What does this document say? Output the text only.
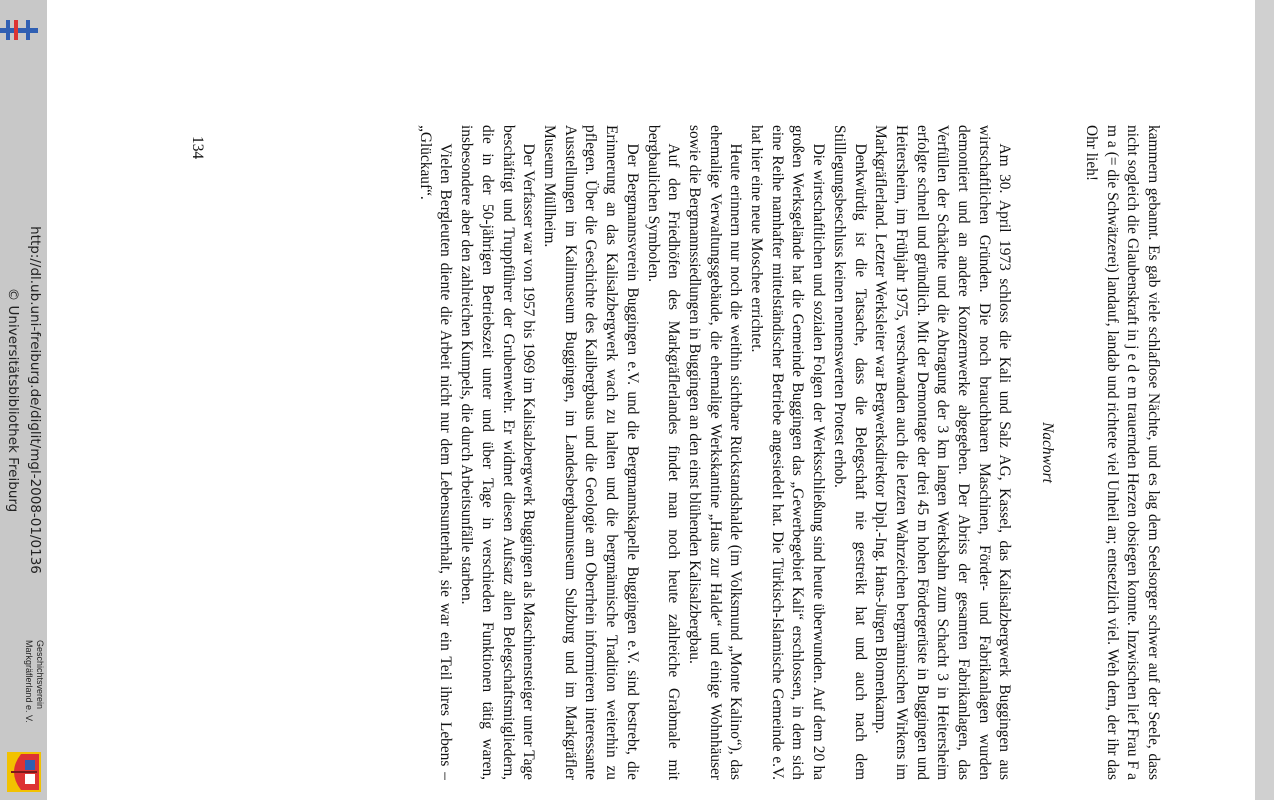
kammern gebannt. Es gab viele schlaflose Nächte, und es lag dem Seelsorger schwer auf der Seele, dass nicht sogleich die Glaubenskraft in j e d e m trauernden Herzen obsiegen konnte. Inzwischen lief Frau F a m a (= die Schwätzerei) landauf, landab und richtete viel Unheil an; entsetzlich viel. Weh dem, der ihr das Ohr lieh!

Nachwort

Am 30. April 1973 schloss die Kali und Salz AG, Kassel, das Kalisalzbergwerk Buggingen aus wirtschaftlichen Gründen. Die noch brauchbaren Maschinen, Förder- und Fabrikanlagen wurden demontiert und an andere Konzernwerke abgegeben. Der Abriss der gesamten Fabrikanlagen, das Verfüllen der Schächte und die Abtragung der 3 km langen Werksbahn zum Schacht 3 in Heitersheim erfolgte schnell und gründlich. Mit der Demontage der drei 45 m hohen Fördergerüste in Buggingen und Heitersheim, im Frühjahr 1975, verschwanden auch die letzten Wahrzeichen bergmännischen Wirkens im Markgräflerland. Letzter Werksleiter war Bergwerksdirektor Dipl.-Ing. Hans-Jürgen Blomenkamp.

Denkwürdig ist die Tatsache, dass die Belegschaft nie gestreikt hat und auch nach dem Stilllegungsbeschluss keinen nennenswerten Protest erhob.

Die wirtschaftlichen und sozialen Folgen der Werksschließung sind heute überwunden. Auf dem 20 ha großen Werksgelände hat die Gemeinde Buggingen das „Gewerbegebiet Kali“ erschlossen, in dem sich eine Reihe namhafter mittelständischer Betriebe angesiedelt hat. Die Türkisch-Islamische Gemeinde e.V. hat hier eine neue Moschee errichtet.

Heute erinnern nur noch die weithin sichtbare Rückstandshalde (im Volksmund „Monte Kalino“), das ehemalige Verwaltungsgebäude, die ehemalige Werkskantine „Haus zur Halde“ und einige Wohnhäuser sowie die Bergmannssiedlungen in Buggingen an den einst blühenden Kalisalzbergbau.

Auf den Friedhöfen des Markgräflerlandes findet man noch heute zahlreiche Grabmale mit bergbaulichen Symbolen.

Der Bergmannsverein Buggingen e.V. und die Bergmannskapelle Buggingen e.V. sind bestrebt, die Erinnerung an das Kalisalzbergwerk wach zu halten und die bergmännische Tradition weiterhin zu pflegen. Über die Geschichte des Kalibergbaus und die Geologie am Oberrhein informieren interessante Ausstellungen im Kalimuseum Buggingen, im Landesbergbaumuseum Sulzburg und im Markgräfler Museum Müllheim.

Der Verfasser war von 1957 bis 1969 im Kalisalzbergwerk Buggingen als Maschinensteiger unter Tage beschäftigt und Truppführer der Grubenwehr. Er widmet diesen Aufsatz allen Belegschaftsmitgliedern, die in der 50-jährigen Betriebszeit unter und über Tage in verschieden Funktionen tätig waren, insbesondere aber den zahlreichen Kumpels, die durch Arbeitsunfälle starben.

Vielen Bergleuten diente die Arbeit nicht nur dem Lebensunterhalt, sie war ein Teil ihres Lebens – „Glückauf“.

134
http://dl.ub.uni-freiburg.de/diglit/mgl-2008-01/0136
© Universitätsbibliothek Freiburg
Geschichtsverein
Markgräflerland e. V.
